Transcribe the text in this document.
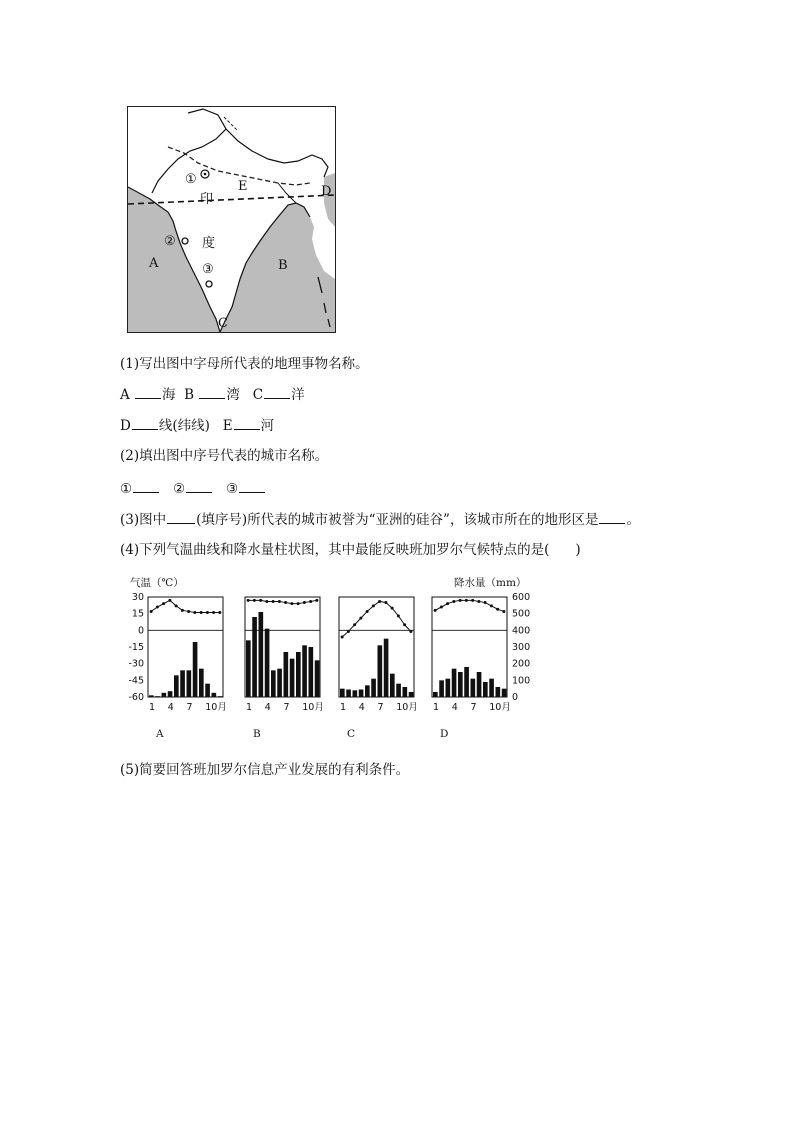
①
②
③
印
度
A	B
C
D
E
(1)写出图中字母所代表的地理事物名称。
A 海 B 湾 C 洋
D 线(纬线) E 河
(2)填出图中序号代表的城市名称。
①	②	③
(3)图中 (填序号)所代表的城市被誉为“亚洲的硅谷”，该城市所在的地形区是 。
(4)下列气温曲线和降水量柱状图，其中最能反映班加罗尔气候特点的是( )
气温（℃）	降水量（mm）
30
15
0
-15
-30
-45
-60
600
500
400
300
200
100
0
1 4 7 10月
A
1 4 7 10月
B
1 4 7 10月
C
1 4 7 10月
D
(5)简要回答班加罗尔信息产业发展的有利条件。
